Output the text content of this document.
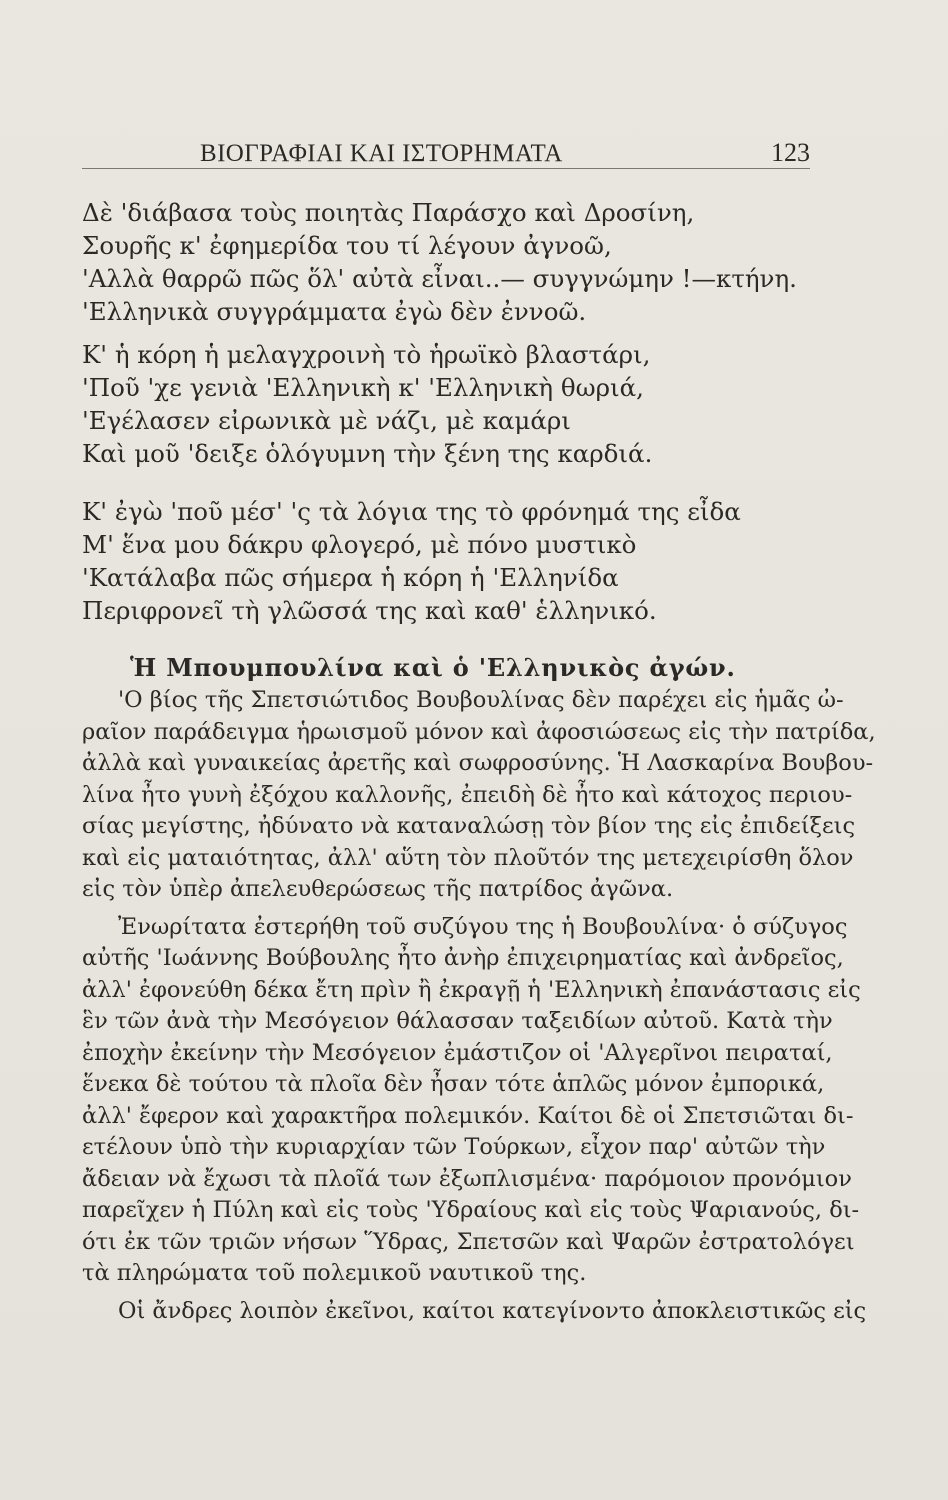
ΒΙΟΓΡΑΦΙΑΙ ΚΑΙ ΙΣΤΟΡΗΜΑΤΑ	123
Δὲ 'διάβασα τοὺς ποιητὰς Παράσχο καὶ Δροσίνη,
Σουρῆς κ' ἐφημερίδα του τί λέγουν ἀγνοῶ,
'Αλλὰ θαρρῶ πῶς ὅλ' αὐτὰ εἶναι..— συγγνώμην !—κτήνη.
'Ελληνικὰ συγγράμματα ἐγὼ δὲν ἐννοῶ.
Κ' ἡ κόρη ἡ μελαγχροινὴ τὸ ἡρωϊκὸ βλαστάρι,
'Ποῦ 'χε γενιὰ 'Ελληνικὴ κ' 'Ελληνικὴ θωριά,
'Εγέλασεν εἰρωνικὰ μὲ νάζι, μὲ καμάρι
Καὶ μοῦ 'δειξε ὁλόγυμνη τὴν ξένη της καρδιά.
Κ' ἐγὼ 'ποῦ μέσ' 'ς τὰ λόγια της τὸ φρόνημά της εἶδα
Μ' ἕνα μου δάκρυ φλογερό, μὲ πόνο μυστικὸ
'Κατάλαβα πῶς σήμερα ἡ κόρη ἡ 'Ελληνίδα
Περιφρονεῖ τὴ γλῶσσά της καὶ καθ' ἑλληνικό.
Ἡ Μπουμπουλίνα καὶ ὁ 'Ελληνικὸς ἀγών.
'Ο βίος τῆς Σπετσιώτιδος Βουβουλίνας δὲν παρέχει εἰς ἡμᾶς ὠ-
ραῖον παράδειγμα ἡρωισμοῦ μόνον καὶ ἀφοσιώσεως εἰς τὴν πατρίδα,
ἀλλὰ καὶ γυναικείας ἀρετῆς καὶ σωφροσύνης. Ἡ Λασκαρίνα Βουβου-
λίνα ἦτο γυνὴ ἐξόχου καλλονῆς, ἐπειδὴ δὲ ἦτο καὶ κάτοχος περιου-
σίας μεγίστης, ἠδύνατο νὰ καταναλώσῃ τὸν βίον της εἰς ἐπιδείξεις
καὶ εἰς ματαιότητας, ἀλλ' αὕτη τὸν πλοῦτόν της μετεχειρίσθη ὅλον
εἰς τὸν ὑπὲρ ἀπελευθερώσεως τῆς πατρίδος ἀγῶνα.
Ἐνωρίτατα ἐστερήθη τοῦ συζύγου της ἡ Βουβουλίνα· ὁ σύζυγος
αὐτῆς 'Ιωάννης Βούβουλης ἦτο ἀνὴρ ἐπιχειρηματίας καὶ ἀνδρεῖος,
ἀλλ' ἐφονεύθη δέκα ἔτη πρὶν ἢ ἐκραγῇ ἡ 'Ελληνικὴ ἐπανάστασις εἰς
ἓν τῶν ἀνὰ τὴν Μεσόγειον θάλασσαν ταξειδίων αὐτοῦ. Κατὰ τὴν
ἐποχὴν ἐκείνην τὴν Μεσόγειον ἐμάστιζον οἱ 'Αλγερῖνοι πειραταί,
ἕνεκα δὲ τούτου τὰ πλοῖα δὲν ἦσαν τότε ἁπλῶς μόνον ἐμπορικά,
ἀλλ' ἔφερον καὶ χαρακτῆρα πολεμικόν. Καίτοι δὲ οἱ Σπετσιῶται δι-
ετέλουν ὑπὸ τὴν κυριαρχίαν τῶν Τούρκων, εἶχον παρ' αὐτῶν τὴν
ἄδειαν νὰ ἔχωσι τὰ πλοῖά των ἐξωπλισμένα· παρόμοιον προνόμιον
παρεῖχεν ἡ Πύλη καὶ εἰς τοὺς 'Υδραίους καὶ εἰς τοὺς Ψαριανούς, δι-
ότι ἐκ τῶν τριῶν νήσων Ὕδρας, Σπετσῶν καὶ Ψαρῶν ἐστρατολόγει
τὰ πληρώματα τοῦ πολεμικοῦ ναυτικοῦ της.
Οἱ ἄνδρες λοιπὸν ἐκεῖνοι, καίτοι κατεγίνοντο ἀποκλειστικῶς εἰς
